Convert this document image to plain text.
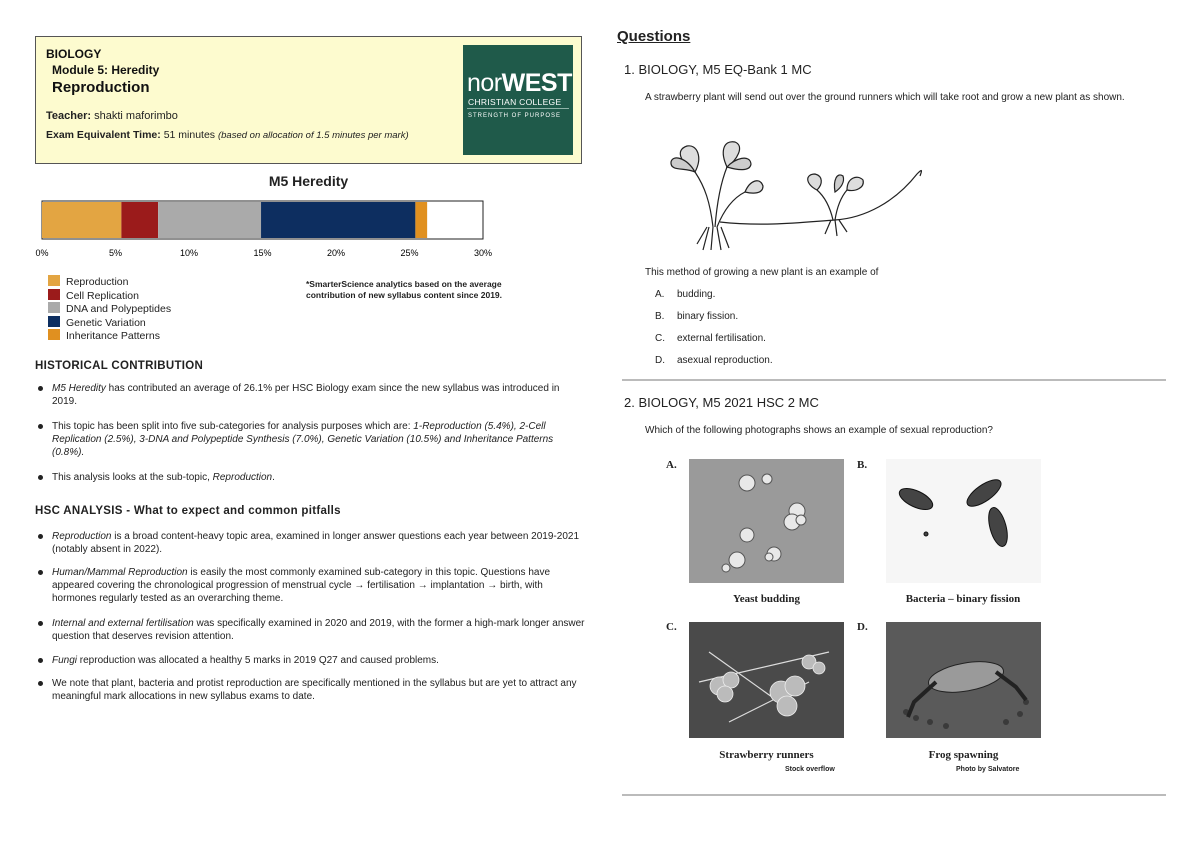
BIOLOGY
Module 5: Heredity
Reproduction
Teacher: shakti maforimbo
Exam Equivalent Time: 51 minutes (based on allocation of 1.5 minutes per mark)
norWEST
CHRISTIAN COLLEGE
STRENGTH OF PURPOSE
M5 Heredity
0%	5%	10%	15%	20%	25%	30%
Reproduction
Cell Replication
DNA and Polypeptides
Genetic Variation
Inheritance Patterns
*SmarterScience analytics based on the average contribution of new syllabus content since 2019.
HISTORICAL CONTRIBUTION
M5 Heredity has contributed an average of 26.1% per HSC Biology exam since the new syllabus was introduced in 2019.
This topic has been split into five sub-categories for analysis purposes which are: 1-Reproduction (5.4%), 2-Cell Replication (2.5%), 3-DNA and Polypeptide Synthesis (7.0%), Genetic Variation (10.5%) and Inheritance Patterns (0.8%).
This analysis looks at the sub-topic, Reproduction.
HSC ANALYSIS - What to expect and common pitfalls
Reproduction is a broad content-heavy topic area, examined in longer answer questions each year between 2019-2021 (notably absent in 2022).
Human/Mammal Reproduction is easily the most commonly examined sub-category in this topic. Questions have appeared covering the chronological progression of menstrual cycle → fertilisation → implantation → birth, with hormones regularly tested as an overarching theme.
Internal and external fertilisation was specifically examined in 2020 and 2019, with the former a high-mark longer answer question that deserves revision attention.
Fungi reproduction was allocated a healthy 5 marks in 2019 Q27 and caused problems.
We note that plant, bacteria and protist reproduction are specifically mentioned in the syllabus but are yet to attract any meaningful mark allocations in new syllabus exams to date.
Questions
1. BIOLOGY, M5 EQ-Bank 1 MC
A strawberry plant will send out over the ground runners which will take root and grow a new plant as shown.
This method of growing a new plant is an example of
A. budding.
B. binary fission.
C. external fertilisation.
D. asexual reproduction.
2. BIOLOGY, M5 2021 HSC 2 MC
Which of the following photographs shows an example of sexual reproduction?
A.
Yeast budding
B.
Bacteria – binary fission
C.
Strawberry runners
Stock overflow
D.
Frog spawning
Photo by Salvatore
